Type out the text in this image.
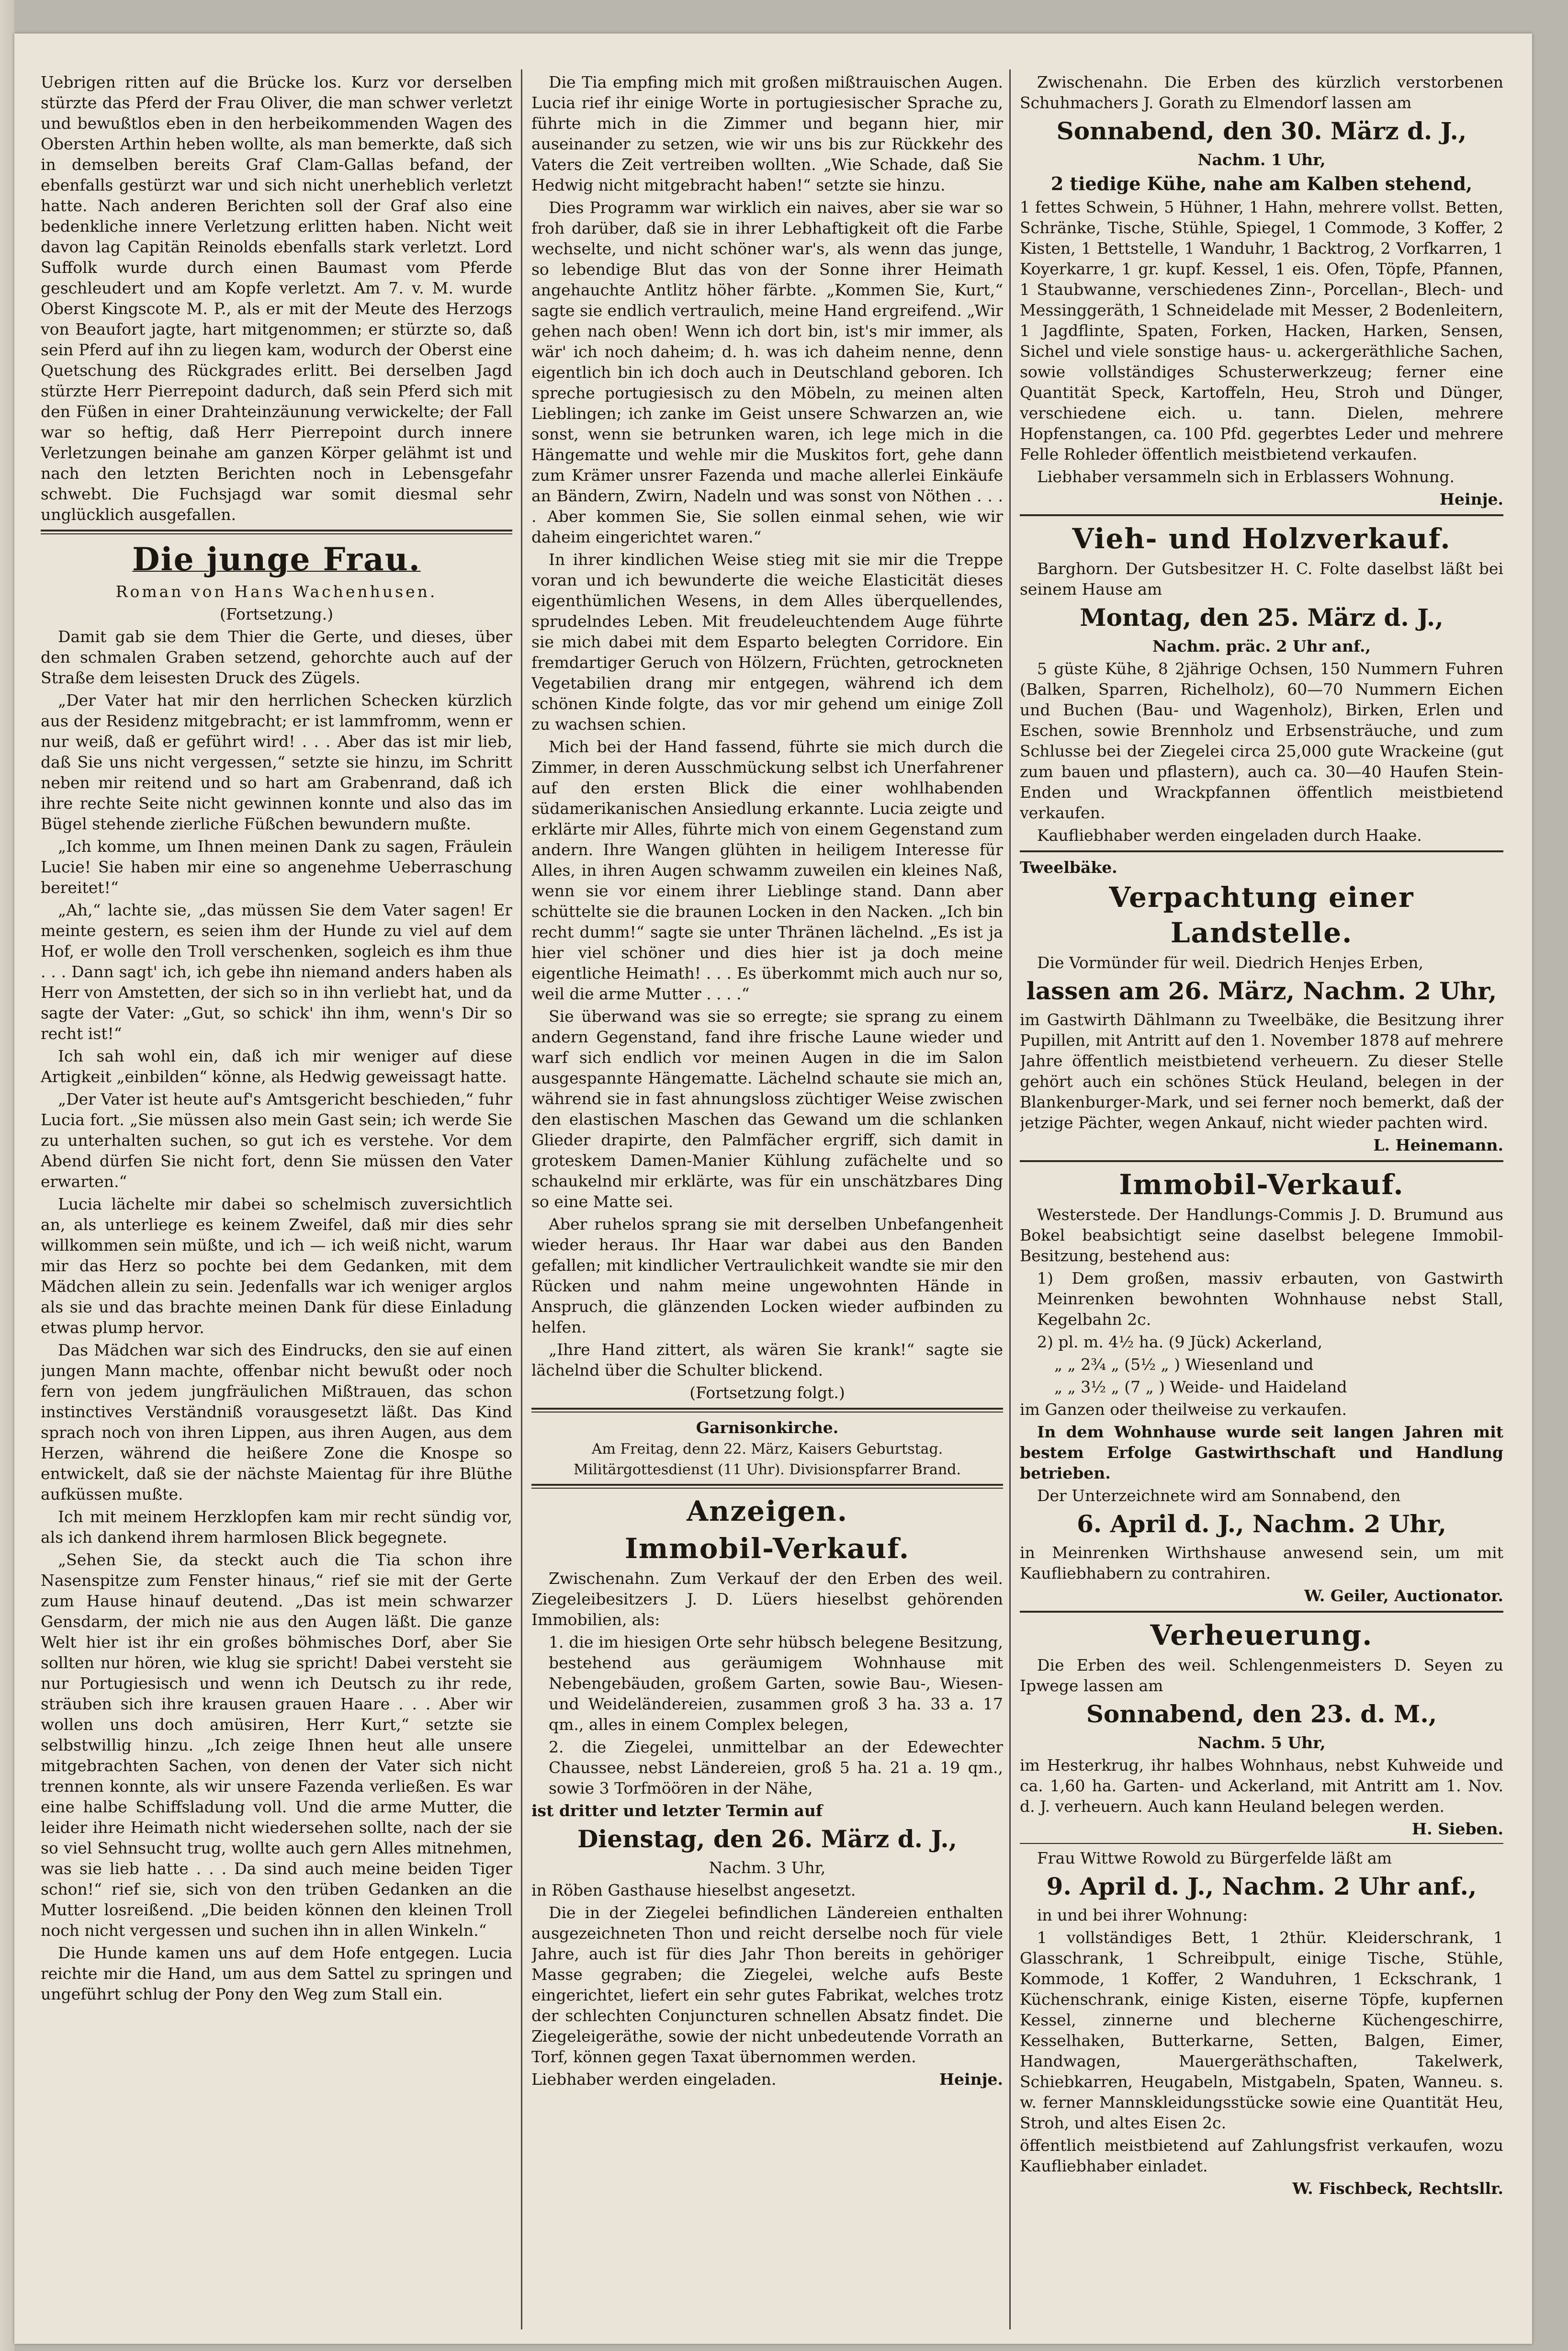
Uebrigen ritten auf die Brücke los. Kurz vor derselben stürzte das Pferd der Frau Oliver, die man schwer verletzt und bewußtlos eben in den herbeikommenden Wagen des Obersten Arthin heben wollte, als man bemerkte, daß sich in demselben bereits Graf Clam-Gallas befand, der ebenfalls gestürzt war und sich nicht unerheblich verletzt hatte. Nach anderen Berichten soll der Graf also eine bedenkliche innere Verletzung erlitten haben. Nicht weit davon lag Capitän Reinolds ebenfalls stark verletzt. Lord Suffolk wurde durch einen Baumast vom Pferde geschleudert und am Kopfe verletzt. Am 7. v. M. wurde Oberst Kingscote M. P., als er mit der Meute des Herzogs von Beaufort jagte, hart mitgenommen; er stürzte so, daß sein Pferd auf ihn zu liegen kam, wodurch der Oberst eine Quetschung des Rückgrades erlitt. Bei derselben Jagd stürzte Herr Pierrepoint dadurch, daß sein Pferd sich mit den Füßen in einer Drahteinzäunung verwickelte; der Fall war so heftig, daß Herr Pierrepoint durch innere Verletzungen beinahe am ganzen Körper gelähmt ist und nach den letzten Berichten noch in Lebensgefahr schwebt. Die Fuchsjagd war somit diesmal sehr unglücklich ausgefallen.

Die junge Frau.

Roman von Hans Wachenhusen.

(Fortsetzung.)

Damit gab sie dem Thier die Gerte, und dieses, über den schmalen Graben setzend, gehorchte auch auf der Straße dem leisesten Druck des Zügels.

„Der Vater hat mir den herrlichen Schecken kürzlich aus der Residenz mitgebracht; er ist lammfromm, wenn er nur weiß, daß er geführt wird! . . . Aber das ist mir lieb, daß Sie uns nicht vergessen,“ setzte sie hinzu, im Schritt neben mir reitend und so hart am Grabenrand, daß ich ihre rechte Seite nicht gewinnen konnte und also das im Bügel stehende zierliche Füßchen bewundern mußte.

„Ich komme, um Ihnen meinen Dank zu sagen, Fräulein Lucie! Sie haben mir eine so angenehme Ueberraschung bereitet!“

„Ah,“ lachte sie, „das müssen Sie dem Vater sagen! Er meinte gestern, es seien ihm der Hunde zu viel auf dem Hof, er wolle den Troll verschenken, sogleich es ihm thue . . . Dann sagt' ich, ich gebe ihn niemand anders haben als Herr von Amstetten, der sich so in ihn verliebt hat, und da sagte der Vater: „Gut, so schick' ihn ihm, wenn's Dir so recht ist!“

Ich sah wohl ein, daß ich mir weniger auf diese Artigkeit „einbilden“ könne, als Hedwig geweissagt hatte.

„Der Vater ist heute auf's Amtsgericht beschieden,“ fuhr Lucia fort. „Sie müssen also mein Gast sein; ich werde Sie zu unterhalten suchen, so gut ich es verstehe. Vor dem Abend dürfen Sie nicht fort, denn Sie müssen den Vater erwarten.“

Lucia lächelte mir dabei so schelmisch zuversichtlich an, als unterliege es keinem Zweifel, daß mir dies sehr willkommen sein müßte, und ich — ich weiß nicht, warum mir das Herz so pochte bei dem Gedanken, mit dem Mädchen allein zu sein. Jedenfalls war ich weniger arglos als sie und das brachte meinen Dank für diese Einladung etwas plump hervor.

Das Mädchen war sich des Eindrucks, den sie auf einen jungen Mann machte, offenbar nicht bewußt oder noch fern von jedem jungfräulichen Mißtrauen, das schon instinctives Verständniß vorausgesetzt läßt. Das Kind sprach noch von ihren Lippen, aus ihren Augen, aus dem Herzen, während die heißere Zone die Knospe so entwickelt, daß sie der nächste Maientag für ihre Blüthe aufküssen mußte.

Ich mit meinem Herzklopfen kam mir recht sündig vor, als ich dankend ihrem harmlosen Blick begegnete.

„Sehen Sie, da steckt auch die Tia schon ihre Nasenspitze zum Fenster hinaus,“ rief sie mit der Gerte zum Hause hinauf deutend. „Das ist mein schwarzer Gensdarm, der mich nie aus den Augen läßt. Die ganze Welt hier ist ihr ein großes böhmisches Dorf, aber Sie sollten nur hören, wie klug sie spricht! Dabei versteht sie nur Portugiesisch und wenn ich Deutsch zu ihr rede, sträuben sich ihre krausen grauen Haare . . . Aber wir wollen uns doch amüsiren, Herr Kurt,“ setzte sie selbstwillig hinzu. „Ich zeige Ihnen heut alle unsere mitgebrachten Sachen, von denen der Vater sich nicht trennen konnte, als wir unsere Fazenda verließen. Es war eine halbe Schiffsladung voll. Und die arme Mutter, die leider ihre Heimath nicht wiedersehen sollte, nach der sie so viel Sehnsucht trug, wollte auch gern Alles mitnehmen, was sie lieb hatte . . . Da sind auch meine beiden Tiger schon!“ rief sie, sich von den trüben Gedanken an die Mutter losreißend. „Die beiden können den kleinen Troll noch nicht vergessen und suchen ihn in allen Winkeln.“

Die Hunde kamen uns auf dem Hofe entgegen. Lucia reichte mir die Hand, um aus dem Sattel zu springen und ungeführt schlug der Pony den Weg zum Stall ein.

Die Tia empfing mich mit großen mißtrauischen Augen. Lucia rief ihr einige Worte in portugiesischer Sprache zu, führte mich in die Zimmer und begann hier, mir auseinander zu setzen, wie wir uns bis zur Rückkehr des Vaters die Zeit vertreiben wollten. „Wie Schade, daß Sie Hedwig nicht mitgebracht haben!“ setzte sie hinzu.

Dies Programm war wirklich ein naives, aber sie war so froh darüber, daß sie in ihrer Lebhaftigkeit oft die Farbe wechselte, und nicht schöner war's, als wenn das junge, so lebendige Blut das von der Sonne ihrer Heimath angehauchte Antlitz höher färbte. „Kommen Sie, Kurt,“ sagte sie endlich vertraulich, meine Hand ergreifend. „Wir gehen nach oben! Wenn ich dort bin, ist's mir immer, als wär' ich noch daheim; d. h. was ich daheim nenne, denn eigentlich bin ich doch auch in Deutschland geboren. Ich spreche portugiesisch zu den Möbeln, zu meinen alten Lieblingen; ich zanke im Geist unsere Schwarzen an, wie sonst, wenn sie betrunken waren, ich lege mich in die Hängematte und wehle mir die Muskitos fort, gehe dann zum Krämer unsrer Fazenda und mache allerlei Einkäufe an Bändern, Zwirn, Nadeln und was sonst von Nöthen . . . . Aber kommen Sie, Sie sollen einmal sehen, wie wir daheim eingerichtet waren.“

In ihrer kindlichen Weise stieg mit sie mir die Treppe voran und ich bewunderte die weiche Elasticität dieses eigenthümlichen Wesens, in dem Alles überquellendes, sprudelndes Leben. Mit freudeleuchtendem Auge führte sie mich dabei mit dem Esparto belegten Corridore. Ein fremdartiger Geruch von Hölzern, Früchten, getrockneten Vegetabilien drang mir entgegen, während ich dem schönen Kinde folgte, das vor mir gehend um einige Zoll zu wachsen schien.

Mich bei der Hand fassend, führte sie mich durch die Zimmer, in deren Ausschmückung selbst ich Unerfahrener auf den ersten Blick die einer wohlhabenden südamerikanischen Ansiedlung erkannte. Lucia zeigte und erklärte mir Alles, führte mich von einem Gegenstand zum andern. Ihre Wangen glühten in heiligem Interesse für Alles, in ihren Augen schwamm zuweilen ein kleines Naß, wenn sie vor einem ihrer Lieblinge stand. Dann aber schüttelte sie die braunen Locken in den Nacken. „Ich bin recht dumm!“ sagte sie unter Thränen lächelnd. „Es ist ja hier viel schöner und dies hier ist ja doch meine eigentliche Heimath! . . . Es überkommt mich auch nur so, weil die arme Mutter . . . .“

Sie überwand was sie so erregte; sie sprang zu einem andern Gegenstand, fand ihre frische Laune wieder und warf sich endlich vor meinen Augen in die im Salon ausgespannte Hängematte. Lächelnd schaute sie mich an, während sie in fast ahnungsloss züchtiger Weise zwischen den elastischen Maschen das Gewand um die schlanken Glieder drapirte, den Palmfächer ergriff, sich damit in groteskem Damen-Manier Kühlung zufächelte und so schaukelnd mir erklärte, was für ein unschätzbares Ding so eine Matte sei.

Aber ruhelos sprang sie mit derselben Unbefangenheit wieder heraus. Ihr Haar war dabei aus den Banden gefallen; mit kindlicher Vertraulichkeit wandte sie mir den Rücken und nahm meine ungewohnten Hände in Anspruch, die glänzenden Locken wieder aufbinden zu helfen.

„Ihre Hand zittert, als wären Sie krank!“ sagte sie lächelnd über die Schulter blickend.

(Fortsetzung folgt.)

Garnisonkirche.

Am Freitag, denn 22. März, Kaisers Geburtstag.

Militärgottesdienst (11 Uhr). Divisionspfarrer Brand.

Anzeigen.
Immobil-Verkauf.

Zwischenahn. Zum Verkauf der den Erben des weil. Ziegeleibesitzers J. D. Lüers hieselbst gehörenden Immobilien, als:

1. die im hiesigen Orte sehr hübsch belegene Besitzung, bestehend aus geräumigem Wohnhause mit Nebengebäuden, großem Garten, sowie Bau-, Wiesen- und Weideländereien, zusammen groß 3 ha. 33 a. 17 qm., alles in einem Complex belegen,

2. die Ziegelei, unmittelbar an der Edewechter Chaussee, nebst Ländereien, groß 5 ha. 21 a. 19 qm., sowie 3 Torfmöören in der Nähe,

ist dritter und letzter Termin auf

Dienstag, den 26. März d. J.,

Nachm. 3 Uhr,

in Röben Gasthause hieselbst angesetzt.

Die in der Ziegelei befindlichen Ländereien enthalten ausgezeichneten Thon und reicht derselbe noch für viele Jahre, auch ist für dies Jahr Thon bereits in gehöriger Masse gegraben; die Ziegelei, welche aufs Beste eingerichtet, liefert ein sehr gutes Fabrikat, welches trotz der schlechten Conjuncturen schnellen Absatz findet. Die Ziegeleigeräthe, sowie der nicht unbedeutende Vorrath an Torf, können gegen Taxat übernommen werden.

Liebhaber werden eingeladen.	Heinje.

Zwischenahn. Die Erben des kürzlich verstorbenen Schuhmachers J. Gorath zu Elmendorf lassen am

Sonnabend, den 30. März d. J.,

Nachm. 1 Uhr,

2 tiedige Kühe, nahe am Kalben stehend,

1 fettes Schwein, 5 Hühner, 1 Hahn, mehrere vollst. Betten, Schränke, Tische, Stühle, Spiegel, 1 Commode, 3 Koffer, 2 Kisten, 1 Bettstelle, 1 Wanduhr, 1 Backtrog, 2 Vorfkarren, 1 Koyerkarre, 1 gr. kupf. Kessel, 1 eis. Ofen, Töpfe, Pfannen, 1 Staubwanne, verschiedenes Zinn-, Porcellan-, Blech- und Messinggeräth, 1 Schneidelade mit Messer, 2 Bodenleitern, 1 Jagdflinte, Spaten, Forken, Hacken, Harken, Sensen, Sichel und viele sonstige haus- u. ackergeräthliche Sachen, sowie vollständiges Schusterwerkzeug; ferner eine Quantität Speck, Kartoffeln, Heu, Stroh und Dünger, verschiedene eich. u. tann. Dielen, mehrere Hopfenstangen, ca. 100 Pfd. gegerbtes Leder und mehrere Felle Rohleder öffentlich meistbietend verkaufen.

Liebhaber versammeln sich in Erblassers Wohnung.

Heinje.

Vieh- und Holzverkauf.

Barghorn. Der Gutsbesitzer H. C. Folte daselbst läßt bei seinem Hause am

Montag, den 25. März d. J.,

Nachm. präc. 2 Uhr anf.,

5 güste Kühe, 8 2jährige Ochsen, 150 Nummern Fuhren (Balken, Sparren, Richelholz), 60—70 Nummern Eichen und Buchen (Bau- und Wagenholz), Birken, Erlen und Eschen, sowie Brennholz und Erbsensträuche, und zum Schlusse bei der Ziegelei circa 25,000 gute Wrackeine (gut zum bauen und pflastern), auch ca. 30—40 Haufen Stein-Enden und Wrackpfannen öffentlich meistbietend verkaufen.

Kaufliebhaber werden eingeladen durch Haake.

Tweelbäke.

Verpachtung einer Landstelle.

Die Vormünder für weil. Diedrich Henjes Erben,

lassen am 26. März, Nachm. 2 Uhr,

im Gastwirth Dählmann zu Tweelbäke, die Besitzung ihrer Pupillen, mit Antritt auf den 1. November 1878 auf mehrere Jahre öffentlich meistbietend verheuern. Zu dieser Stelle gehört auch ein schönes Stück Heuland, belegen in der Blankenburger-Mark, und sei ferner noch bemerkt, daß der jetzige Pächter, wegen Ankauf, nicht wieder pachten wird.

L. Heinemann.

Immobil-Verkauf.

Westerstede. Der Handlungs-Commis J. D. Brumund aus Bokel beabsichtigt seine daselbst belegene Immobil-Besitzung, bestehend aus:

1) Dem großen, massiv erbauten, von Gastwirth Meinrenken bewohnten Wohnhause nebst Stall, Kegelbahn 2c.

2) pl. m. 4½ ha. (9 Jück) Ackerland,

„ „ 2¾ „ (5½ „ ) Wiesenland und

„ „ 3½ „ (7 „ ) Weide- und Haideland

im Ganzen oder theilweise zu verkaufen.

In dem Wohnhause wurde seit langen Jahren mit bestem Erfolge Gastwirthschaft und Handlung betrieben.

Der Unterzeichnete wird am Sonnabend, den

6. April d. J., Nachm. 2 Uhr,

in Meinrenken Wirthshause anwesend sein, um mit Kaufliebhabern zu contrahiren.

W. Geiler, Auctionator.

Verheuerung.

Die Erben des weil. Schlengenmeisters D. Seyen zu Ipwege lassen am

Sonnabend, den 23. d. M.,

Nachm. 5 Uhr,

im Hesterkrug, ihr halbes Wohnhaus, nebst Kuhweide und ca. 1,60 ha. Garten- und Ackerland, mit Antritt am 1. Nov. d. J. verheuern. Auch kann Heuland belegen werden.

H. Sieben.

Frau Wittwe Rowold zu Bürgerfelde läßt am

9. April d. J., Nachm. 2 Uhr anf.,

in und bei ihrer Wohnung:

1 vollständiges Bett, 1 2thür. Kleiderschrank, 1 Glasschrank, 1 Schreibpult, einige Tische, Stühle, Kommode, 1 Koffer, 2 Wanduhren, 1 Eckschrank, 1 Küchenschrank, einige Kisten, eiserne Töpfe, kupfernen Kessel, zinnerne und blecherne Küchengeschirre, Kesselhaken, Butterkarne, Setten, Balgen, Eimer, Handwagen, Mauergeräthschaften, Takelwerk, Schiebkarren, Heugabeln, Mistgabeln, Spaten, Wanneu. s. w. ferner Mannskleidungsstücke sowie eine Quantität Heu, Stroh, und altes Eisen 2c.

öffentlich meistbietend auf Zahlungsfrist verkaufen, wozu Kaufliebhaber einladet.

W. Fischbeck, Rechtsllr.
